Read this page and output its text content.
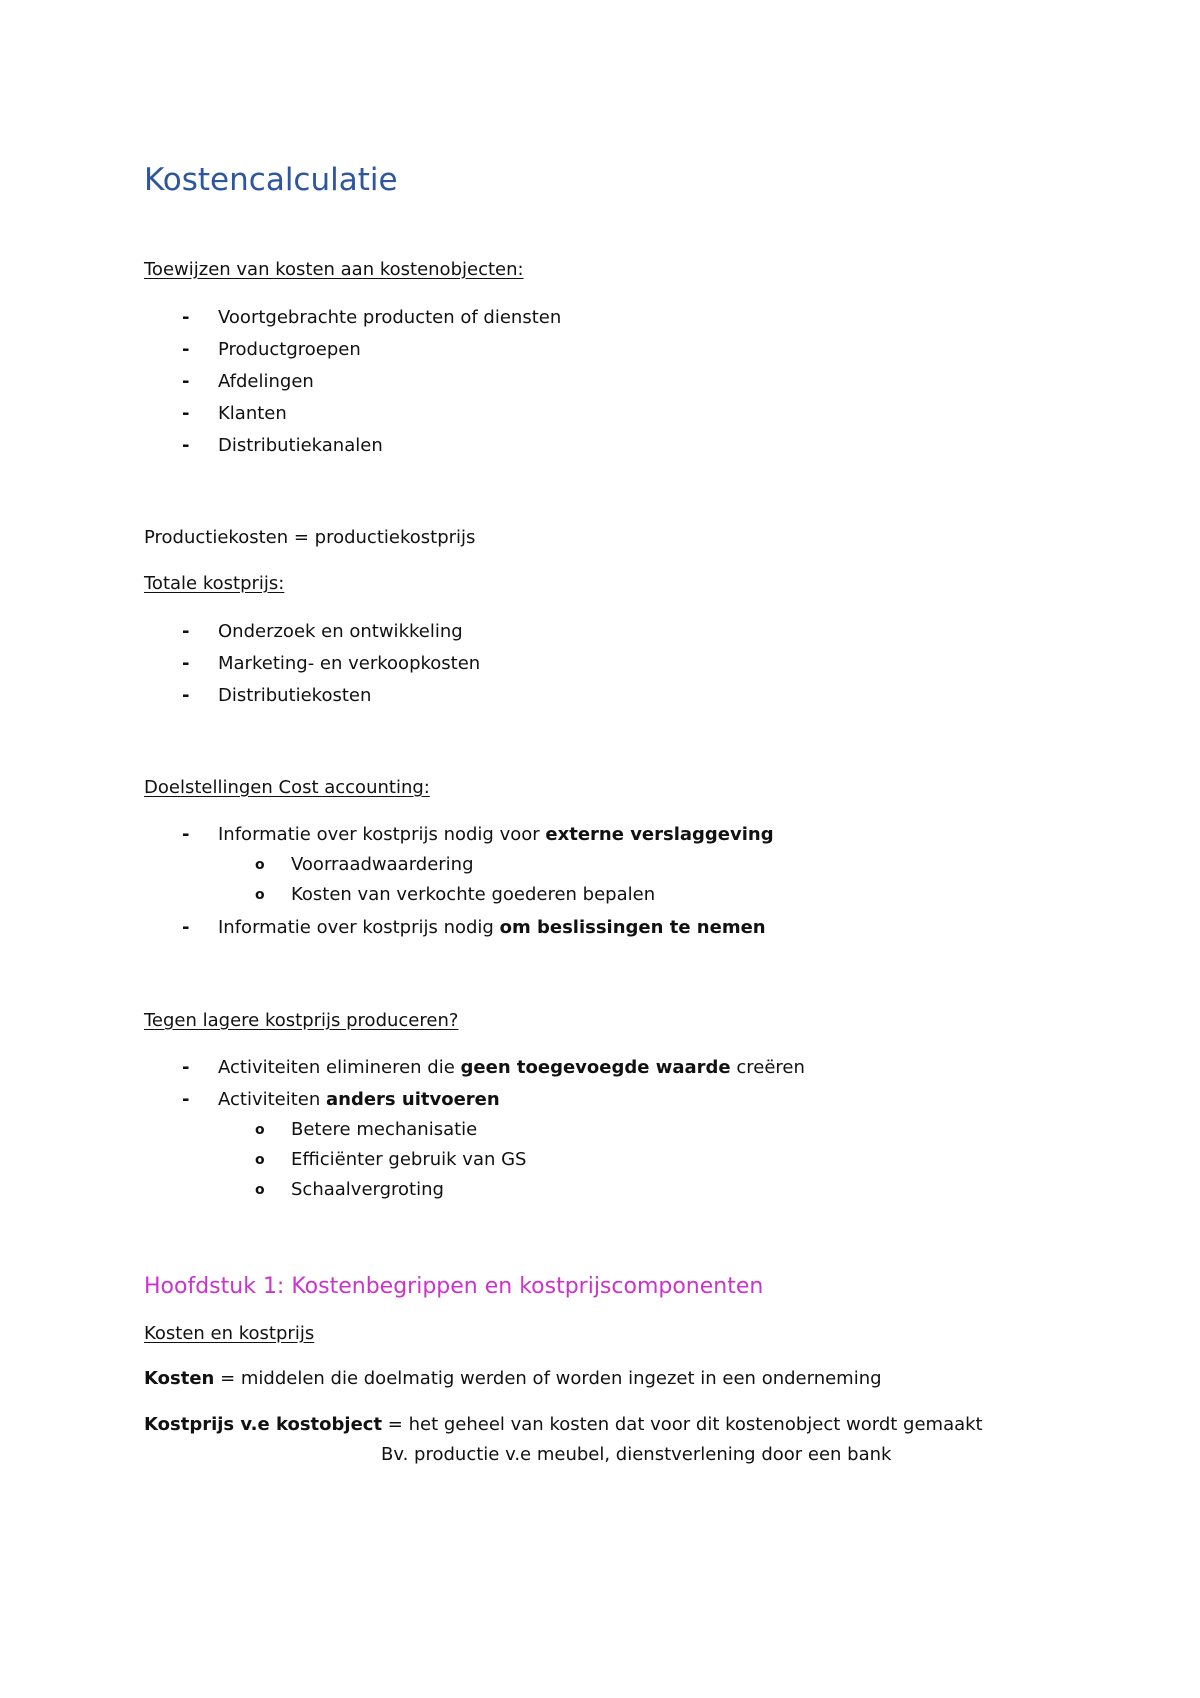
Kostencalculatie
Toewijzen van kosten aan kostenobjecten:
- Voortgebrachte producten of diensten
- Productgroepen
- Afdelingen
- Klanten
- Distributiekanalen
Productiekosten = productiekostprijs
Totale kostprijs:
- Onderzoek en ontwikkeling
- Marketing- en verkoopkosten
- Distributiekosten
Doelstellingen Cost accounting:
- Informatie over kostprijs nodig voor externe verslaggeving
o Voorraadwaardering
o Kosten van verkochte goederen bepalen
- Informatie over kostprijs nodig om beslissingen te nemen
Tegen lagere kostprijs produceren?
- Activiteiten elimineren die geen toegevoegde waarde creëren
- Activiteiten anders uitvoeren
o Betere mechanisatie
o Efficiënter gebruik van GS
o Schaalvergroting
Hoofdstuk 1: Kostenbegrippen en kostprijscomponenten
Kosten en kostprijs
Kosten = middelen die doelmatig werden of worden ingezet in een onderneming
Kostprijs v.e kostobject = het geheel van kosten dat voor dit kostenobject wordt gemaakt
Bv. productie v.e meubel, dienstverlening door een bank
